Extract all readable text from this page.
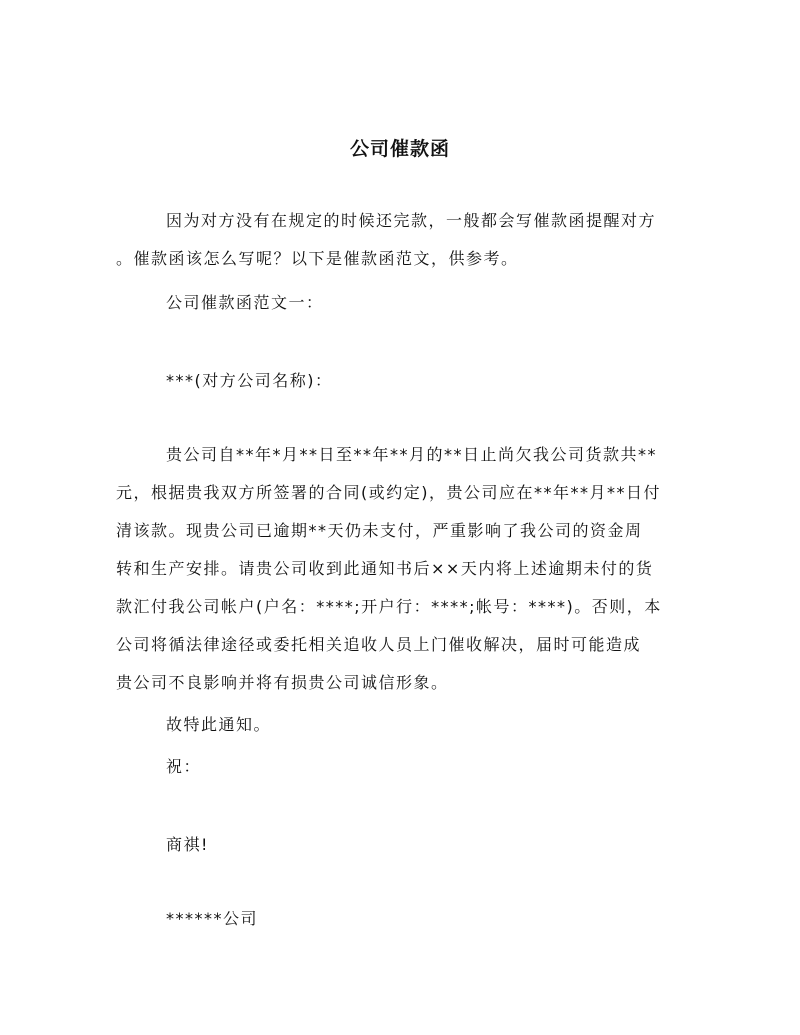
公司催款函
因为对方没有在规定的时候还完款，一般都会写催款函提醒对方
。催款函该怎么写呢？以下是催款函范文，供参考。
公司催款函范文一：
***(对方公司名称)：
贵公司自**年*月**日至**年**月的**日止尚欠我公司货款共**
元，根据贵我双方所签署的合同(或约定)，贵公司应在**年**月**日付
清该款。现贵公司已逾期**天仍未支付，严重影响了我公司的资金周
转和生产安排。请贵公司收到此通知书后××天内将上述逾期未付的货
款汇付我公司帐户(户名：****;开户行：****;帐号：****)。否则，本
公司将循法律途径或委托相关追收人员上门催收解决，届时可能造成
贵公司不良影响并将有损贵公司诚信形象。
故特此通知。
祝：
商祺!
******公司
